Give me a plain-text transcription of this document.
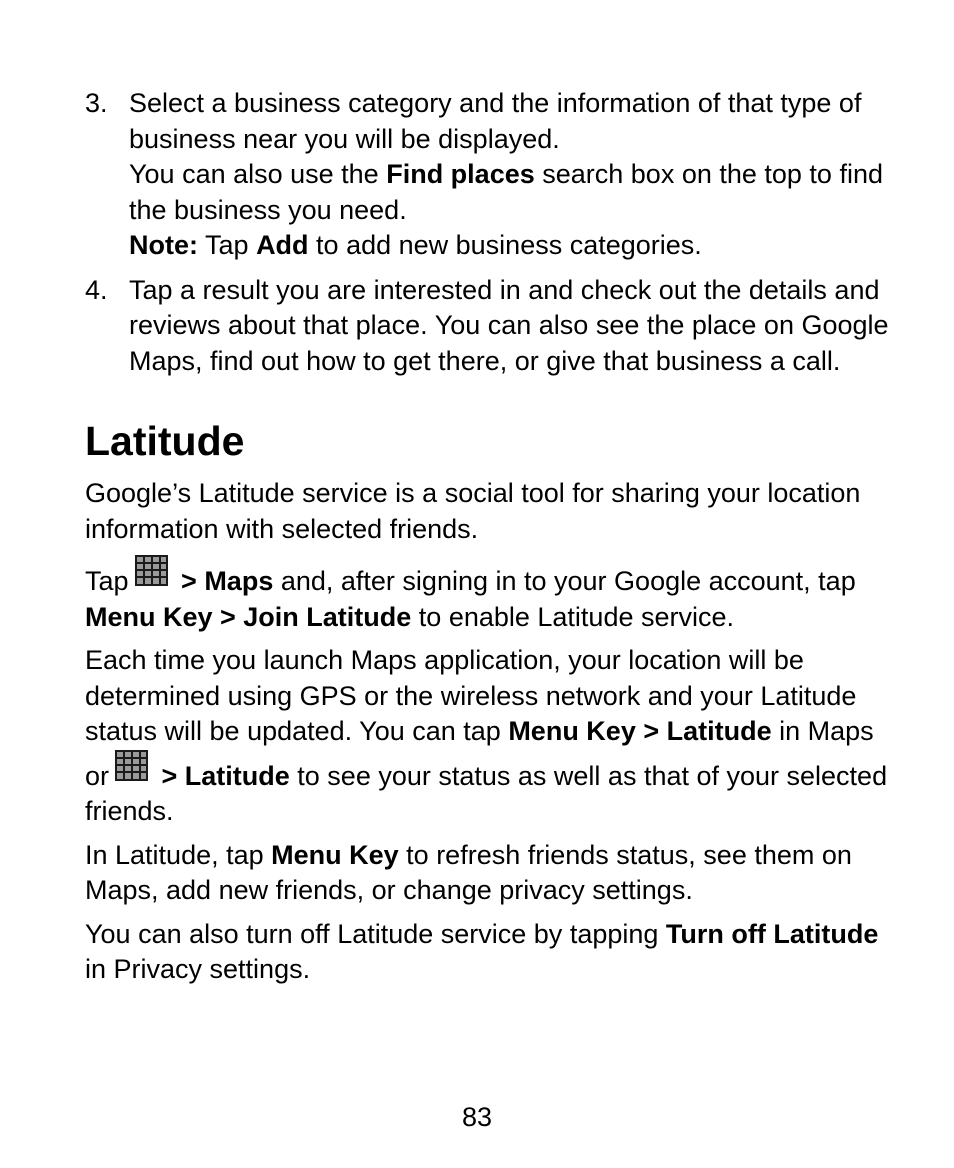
3. Select a business category and the information of that type of business near you will be displayed.

You can also use the Find places search box on the top to find the business you need.

Note: Tap Add to add new business categories.

4. Tap a result you are interested in and check out the details and reviews about that place. You can also see the place on Google Maps, find out how to get there, or give that business a call.

Latitude

Google’s Latitude service is a social tool for sharing your location information with selected friends.

Tap > Maps and, after signing in to your Google account, tap Menu Key > Join Latitude to enable Latitude service.

Each time you launch Maps application, your location will be determined using GPS or the wireless network and your Latitude status will be updated. You can tap Menu Key > Latitude in Maps or > Latitude to see your status as well as that of your selected friends.

In Latitude, tap Menu Key to refresh friends status, see them on Maps, add new friends, or change privacy settings.

You can also turn off Latitude service by tapping Turn off Latitude in Privacy settings.

83
